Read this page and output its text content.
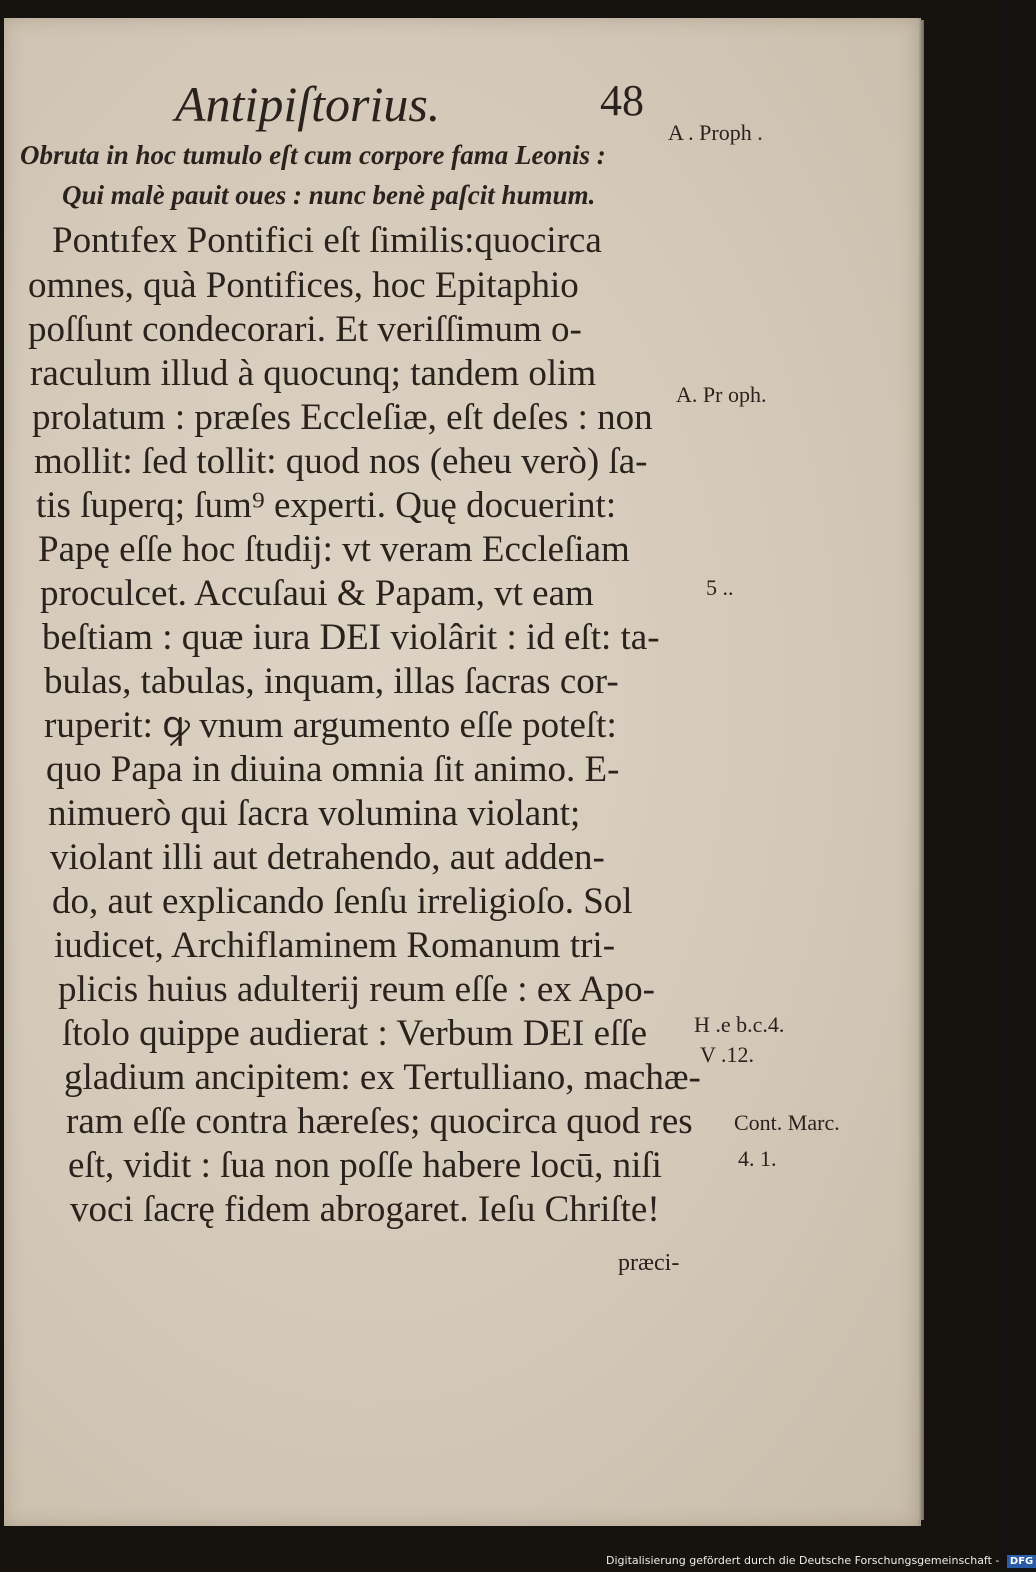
Antipiſtorius.	48
Obruta in hoc tumulo eſt cum corpore fama Leonis :
Qui malè pauit oues : nunc benè paſcit humum.
Pontıfex Pontifici eſt ſimilis:quocirca
omnes, quà Pontifices, hoc Epitaphio
poſſunt condecorari. Et veriſſimum o-
raculum illud à quocunq; tandem olim
prolatum : præſes Eccleſiæ, eſt deſes : non
mollit: ſed tollit: quod nos (eheu verò) ſa-
tis ſuperq; ſum⁹ experti. Quę docuerint:
Papę eſſe hoc ſtudij: vt veram Eccleſiam
proculcet. Accuſaui & Papam, vt eam
beſtiam : quæ iura DEI violârit : id eſt: ta-
bulas, tabulas, inquam, illas ſacras cor-
ruperit: ꝙ vnum argumento eſſe poteſt:
quo Papa in diuina omnia ſit animo. E-
nimuerò qui ſacra volumina violant;
violant illi aut detrahendo, aut adden-
do, aut explicando ſenſu irreligioſo. Sol
iudicet, Archiflaminem Romanum tri-
plicis huius adulterij reum eſſe : ex Apo-
ſtolo quippe audierat : Verbum DEI eſſe
gladium ancipitem: ex Tertulliano, machæ-
ram eſſe contra hæreſes; quocirca quod res
eſt, vidit : ſua non poſſe habere locū, niſi
voci ſacrę fidem abrogaret. Ieſu Chriſte!
A . Proph .
A. Pr oph.
5 ..
H .e b.c.4.
V .12.
Cont. Marc.
4. 1.
præci-
Digitalisierung gefördert durch die Deutsche Forschungsgemeinschaft - DFG
